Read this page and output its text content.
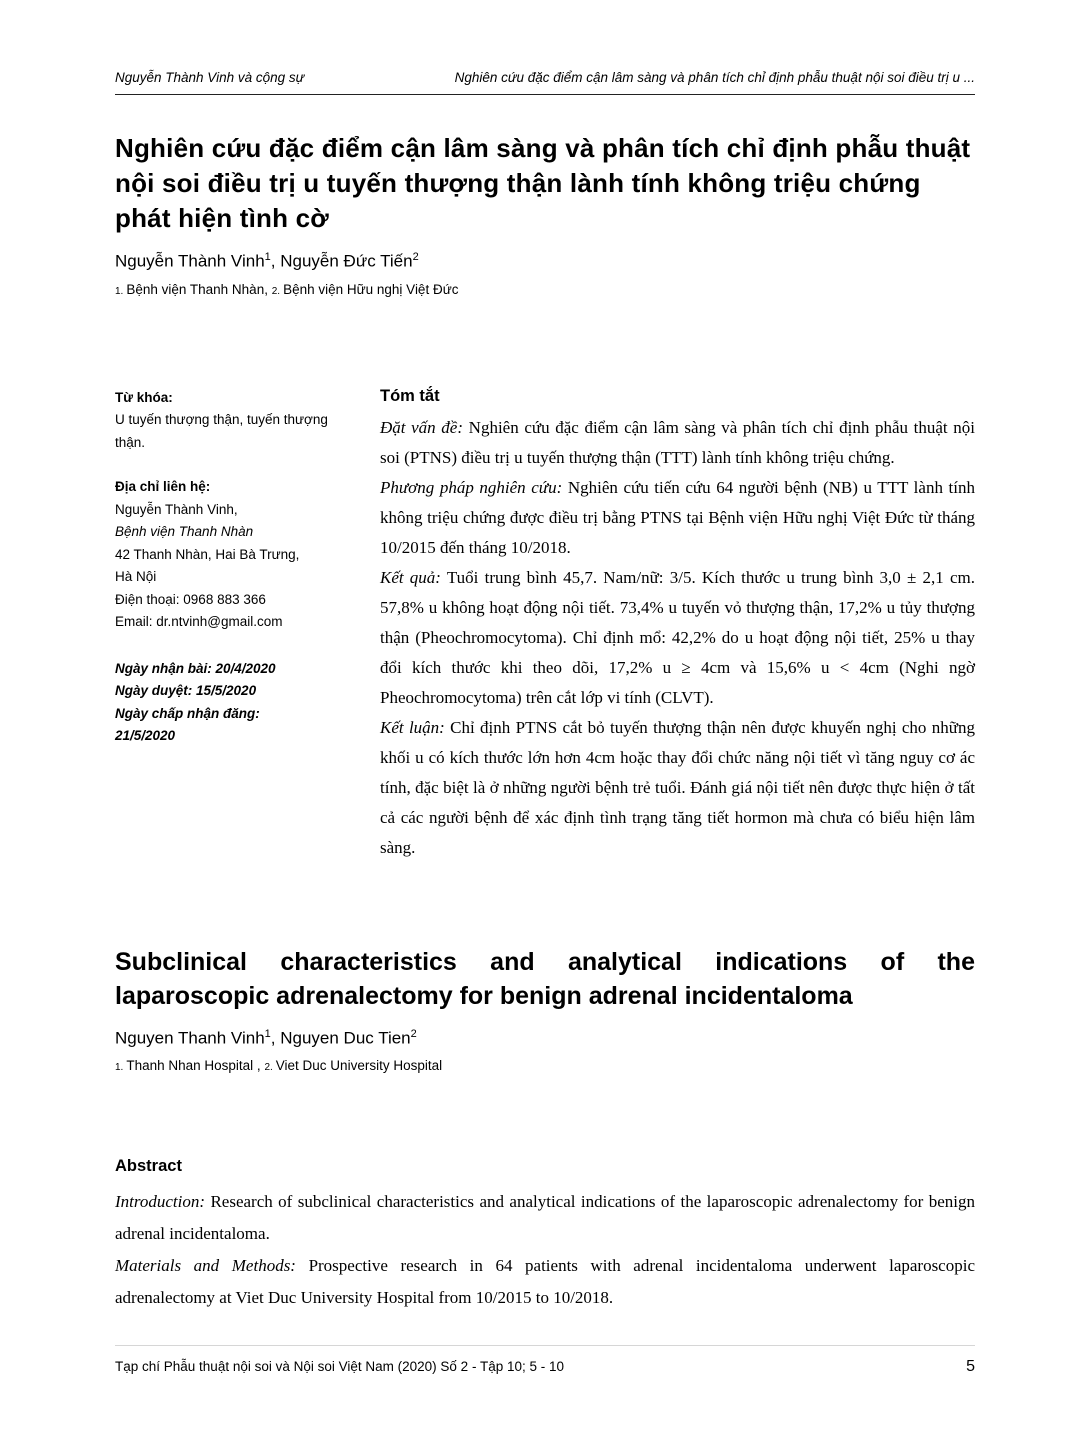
Nguyễn Thành Vinh và cộng sự	Nghiên cứu đặc điểm cận lâm sàng và phân tích chỉ định phẫu thuật nội soi điều trị u ...
Nghiên cứu đặc điểm cận lâm sàng và phân tích chỉ định phẫu thuật nội soi điều trị u tuyến thượng thận lành tính không triệu chứng phát hiện tình cờ

Nguyễn Thành Vinh$^1$, Nguyễn Đức Tiến$^2$

1. Bệnh viện Thanh Nhàn, 2. Bệnh viện Hữu nghị Việt Đức

Từ khóa:
U tuyến thượng thận, tuyến thượng thận.
Địa chỉ liên hệ:
Nguyễn Thành Vinh,
Bệnh viện Thanh Nhàn
42 Thanh Nhàn, Hai Bà Trưng,
Hà Nội
Điện thoại: 0968 883 366
Email: dr.ntvinh@gmail.com
Ngày nhận bài: 20/4/2020
Ngày duyệt: 15/5/2020
Ngày chấp nhận đăng:
21/5/2020
Tóm tắt

Đặt vấn đề: Nghiên cứu đặc điểm cận lâm sàng và phân tích chỉ định phẫu thuật nội soi (PTNS) điều trị u tuyến thượng thận (TTT) lành tính không triệu chứng.

Phương pháp nghiên cứu: Nghiên cứu tiến cứu 64 người bệnh (NB) u TTT lành tính không triệu chứng được điều trị bằng PTNS tại Bệnh viện Hữu nghị Việt Đức từ tháng 10/2015 đến tháng 10/2018.

Kết quả: Tuổi trung bình 45,7. Nam/nữ: 3/5. Kích thước u trung bình 3,0 ± 2,1 cm. 57,8% u không hoạt động nội tiết. 73,4% u tuyến vỏ thượng thận, 17,2% u tủy thượng thận (Pheochromocytoma). Chỉ định mổ: 42,2% do u hoạt động nội tiết, 25% u thay đổi kích thước khi theo dõi, 17,2% u ≥ 4cm và 15,6% u < 4cm (Nghi ngờ Pheochromocytoma) trên cắt lớp vi tính (CLVT).

Kết luận: Chỉ định PTNS cắt bỏ tuyến thượng thận nên được khuyến nghị cho những khối u có kích thước lớn hơn 4cm hoặc thay đổi chức năng nội tiết vì tăng nguy cơ ác tính, đặc biệt là ở những người bệnh trẻ tuổi. Đánh giá nội tiết nên được thực hiện ở tất cả các người bệnh để xác định tình trạng tăng tiết hormon mà chưa có biểu hiện lâm sàng.

Subclinical characteristics and analytical indications of the laparoscopic adrenalectomy for benign adrenal incidentaloma

Nguyen Thanh Vinh$^1$, Nguyen Duc Tien$^2$

1. Thanh Nhan Hospital , 2. Viet Duc University Hospital

Abstract

Introduction: Research of subclinical characteristics and analytical indications of the laparoscopic adrenalectomy for benign adrenal incidentaloma.

Materials and Methods: Prospective research in 64 patients with adrenal incidentaloma underwent laparoscopic adrenalectomy at Viet Duc University Hospital from 10/2015 to 10/2018.

Tạp chí Phẫu thuật nội soi và Nội soi Việt Nam (2020) Số 2 - Tập 10; 5 - 10	5
